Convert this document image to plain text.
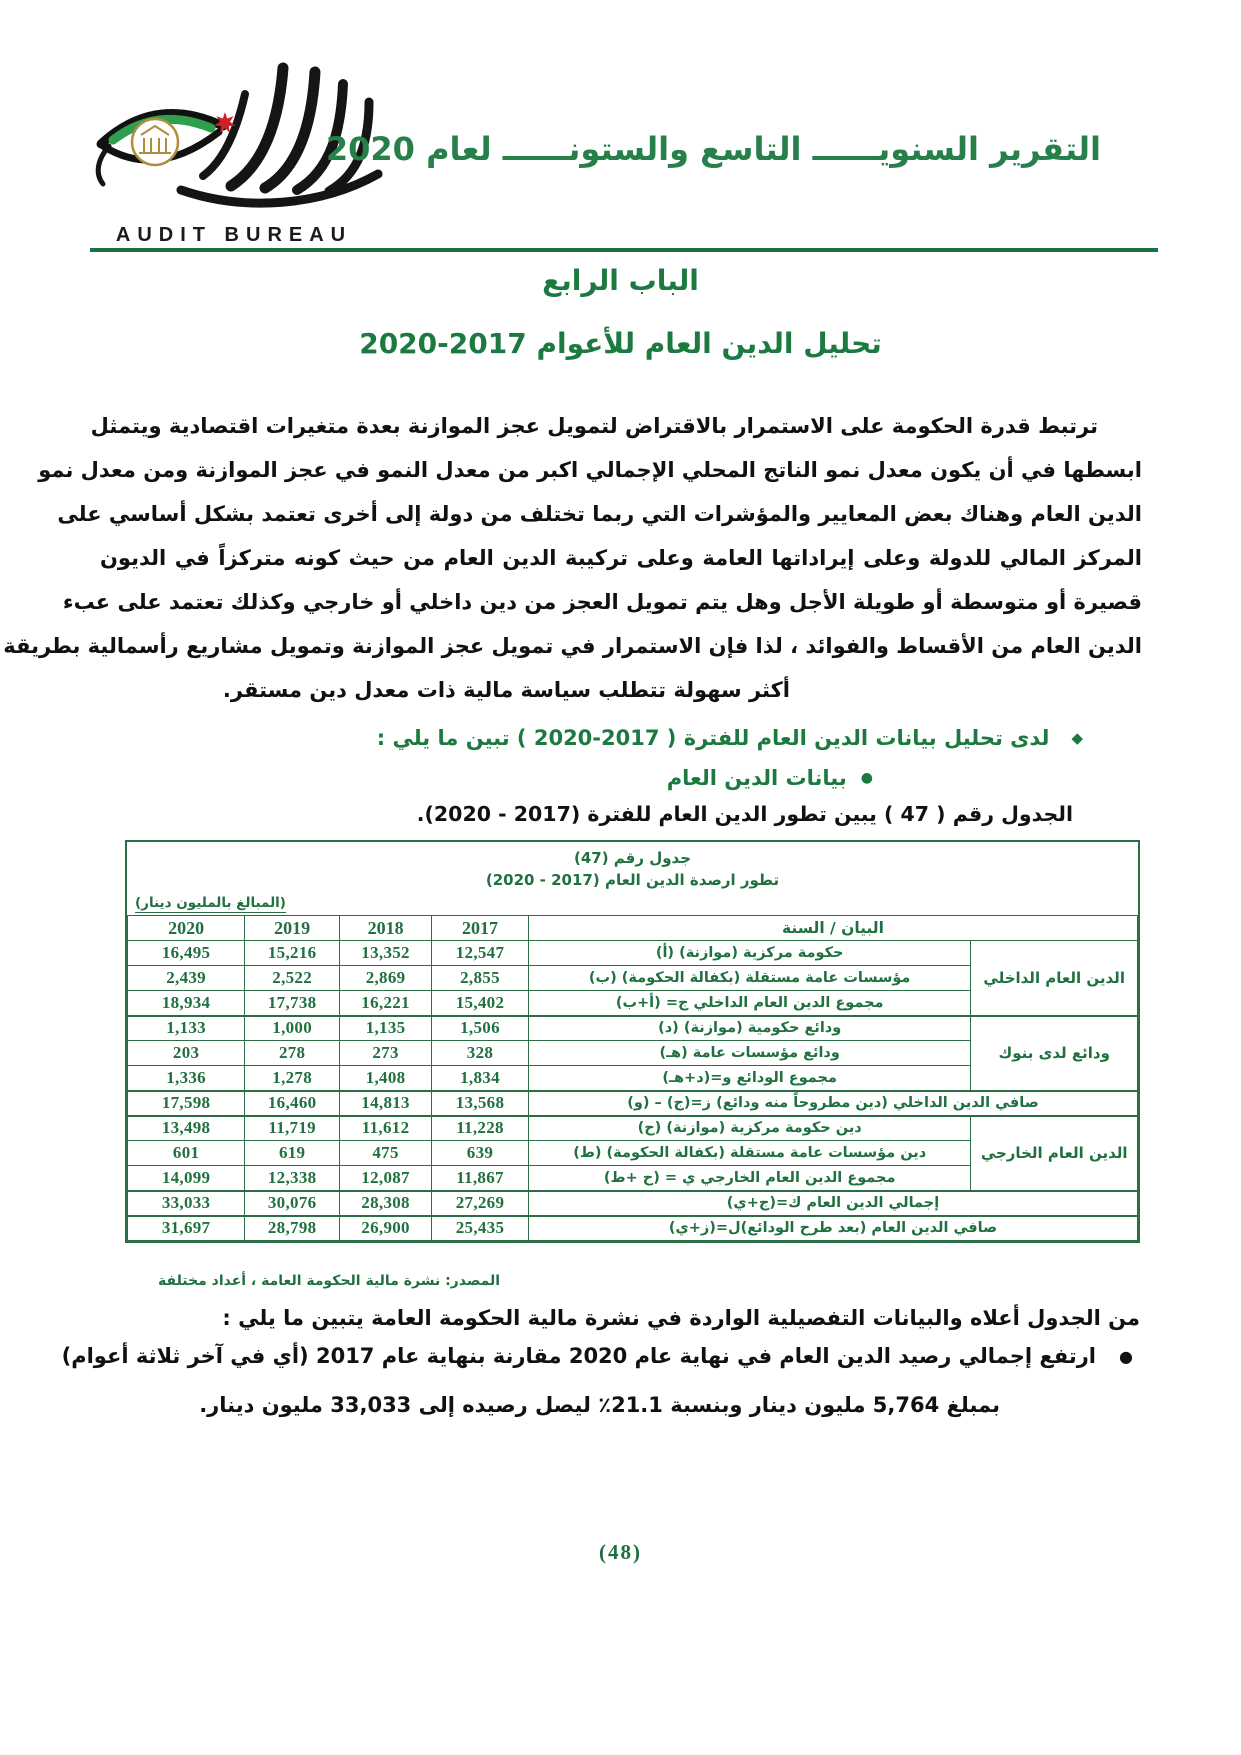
AUDIT BUREAU
التقرير السنويــــــ التاسع والستونــــــ لعام 2020
الباب الرابع
تحليل الدين العام للأعوام 2017‏-2020
ترتبط قدرة الحكومة على الاستمرار بالاقتراض لتمويل عجز الموازنة بعدة متغيرات اقتصادية ويتمثل
ابسطها في أن يكون معدل نمو الناتج المحلي الإجمالي اكبر من معدل النمو في عجز الموازنة ومن معدل نمو
الدين العام وهناك بعض المعايير والمؤشرات التي ربما تختلف من دولة إلى أخرى تعتمد بشكل أساسي على
المركز المالي للدولة وعلى إيراداتها العامة وعلى تركيبة الدين العام من حيث كونه متركزاً في الديون
قصيرة أو متوسطة أو طويلة الأجل وهل يتم تمويل العجز من دين داخلي أو خارجي وكذلك تعتمد على عبء
الدين العام من الأقساط والفوائد ، لذا فإن الاستمرار في تمويل عجز الموازنة وتمويل مشاريع رأسمالية بطريقة
أكثر سهولة تتطلب سياسة مالية ذات معدل دين مستقر.
◆
لدى تحليل بيانات الدين العام للفترة ( 2017‏-2020 ) تبين ما يلي :
●
بيانات الدين العام
الجدول رقم ( 47 ) يبين تطور الدين العام للفترة (2017 ‏- 2020).
جدول رقم (47)
تطور ارصدة الدين العام (2017 ‏- 2020)
(المبالغ بالمليون دينار)
البيان / السنة		2017	2018	2019	2020
الدين العام الداخلي	حكومة مركزية (موازنة) (أ)	12,547	13,352	15,216	16,495
	مؤسسات عامة مستقلة (بكفالة الحكومة) (ب)	2,855	2,869	2,522	2,439
	مجموع الدين العام الداخلي ج= (أ+ب)	15,402	16,221	17,738	18,934
ودائع لدى بنوك	ودائع حكومية (موازنة) (د)	1,506	1,135	1,000	1,133
	ودائع مؤسسات عامة (هـ)	328	273	278	203
	مجموع الودائع و=(د+هـ)	1,834	1,408	1,278	1,336
صافي الدين الداخلي (دين مطروحاً منه ودائع) ز=(ج) – (و)		13,568	14,813	16,460	17,598
الدين العام الخارجي	دين حكومة مركزية (موازنة) (ح)	11,228	11,612	11,719	13,498
	دين مؤسسات عامة مستقلة (بكفالة الحكومة) (ط)	639	475	619	601
	مجموع الدين العام الخارجي ي = (ح +ط)	11,867	12,087	12,338	14,099
إجمالي الدين العام ك=(ج+ي)		27,269	28,308	30,076	33,033
صافي الدين العام (بعد طرح الودائع)ل=(ز+ي)		25,435	26,900	28,798	31,697
المصدر: نشرة مالية الحكومة العامة ، أعداد مختلفة
من الجدول أعلاه والبيانات التفصيلية الواردة في نشرة مالية الحكومة العامة يتبين ما يلي :
●
ارتفع إجمالي رصيد الدين العام في نهاية عام 2020 مقارنة بنهاية عام 2017 (أي في آخر ثلاثة أعوام)
بمبلغ 5,764 مليون دينار وبنسبة 21.1‏٪ ليصل رصيده إلى 33,033 مليون دينار.
(48)
